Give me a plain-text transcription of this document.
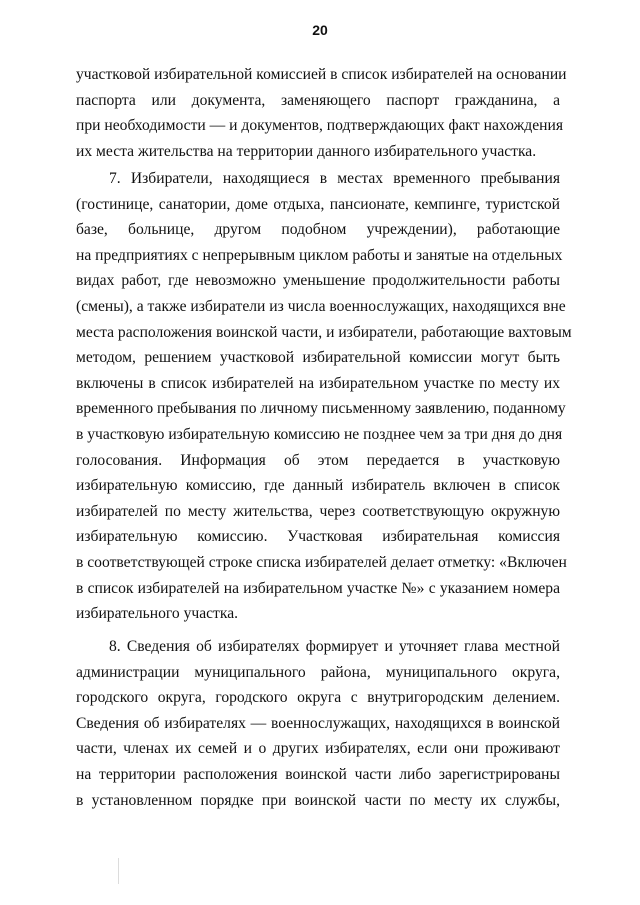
20
участковой избирательной комиссией в список избирателей на основании
паспорта или документа, заменяющего паспорт гражданина, а
при необходимости — и документов, подтверждающих факт нахождения
их места жительства на территории данного избирательного участка.
7. Избиратели, находящиеся в местах временного пребывания
(гостинице, санатории, доме отдыха, пансионате, кемпинге, туристской
базе, больнице, другом подобном учреждении), работающие
на предприятиях с непрерывным циклом работы и занятые на отдельных
видах работ, где невозможно уменьшение продолжительности работы
(смены), а также избиратели из числа военнослужащих, находящихся вне
места расположения воинской части, и избиратели, работающие вахтовым
методом, решением участковой избирательной комиссии могут быть
включены в список избирателей на избирательном участке по месту их
временного пребывания по личному письменному заявлению, поданному
в участковую избирательную комиссию не позднее чем за три дня до дня
голосования. Информация об этом передается в участковую
избирательную комиссию, где данный избиратель включен в список
избирателей по месту жительства, через соответствующую окружную
избирательную комиссию. Участковая избирательная комиссия
в соответствующей строке списка избирателей делает отметку: «Включен
в список избирателей на избирательном участке №» с указанием номера
избирательного участка.
8. Сведения об избирателях формирует и уточняет глава местной
администрации муниципального района, муниципального округа,
городского округа, городского округа с внутригородским делением.
Сведения об избирателях — военнослужащих, находящихся в воинской
части, членах их семей и о других избирателях, если они проживают
на территории расположения воинской части либо зарегистрированы
в установленном порядке при воинской части по месту их службы,
